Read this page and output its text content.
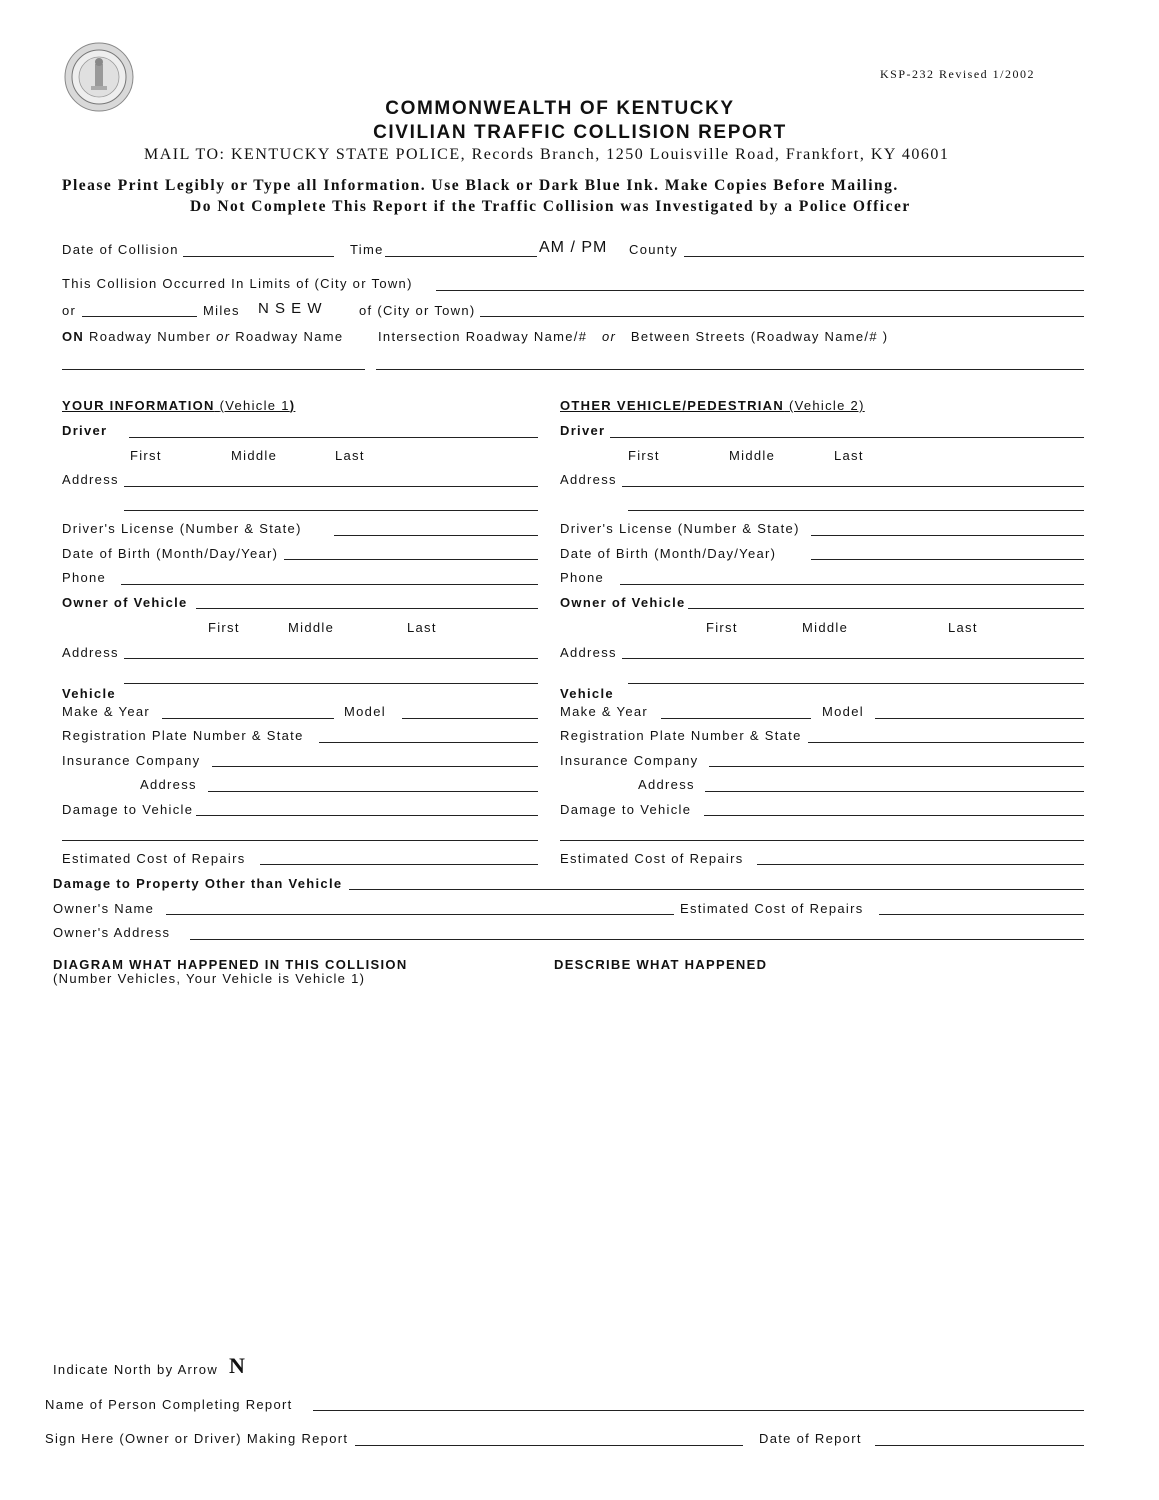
KSP-232 Revised 1/2002
COMMONWEALTH OF KENTUCKY
CIVILIAN TRAFFIC COLLISION REPORT
MAIL TO: KENTUCKY STATE POLICE, Records Branch, 1250 Louisville Road, Frankfort, KY 40601
Please Print Legibly or Type all Information. Use Black or Dark Blue Ink. Make Copies Before Mailing.
Do Not Complete This Report if the Traffic Collision was Investigated by a Police Officer
Date of Collision	Time	AM / PM County
This Collision Occurred In Limits of (City or Town)
or	Miles N S E W	of (City or Town)
ON Roadway Number or Roadway Name	Intersection Roadway Name/# or Between Streets (Roadway Name/# )
YOUR INFORMATION (Vehicle 1)
Driver
First	Middle	Last
Address
Driver's License (Number & State)
Date of Birth (Month/Day/Year)
Phone
Owner of Vehicle
First	Middle	Last
Address
Vehicle
Make & Year	Model
Registration Plate Number & State
Insurance Company
Address
Damage to Vehicle
Estimated Cost of Repairs
OTHER VEHICLE/PEDESTRIAN (Vehicle 2)
Driver
First	Middle	Last
Address
Driver's License (Number & State)
Date of Birth (Month/Day/Year)
Phone
Owner of Vehicle
First	Middle	Last
Address
Vehicle
Make & Year	Model
Registration Plate Number & State
Insurance Company
Address
Damage to Vehicle
Estimated Cost of Repairs
Damage to Property Other than Vehicle
Owner's Name	Estimated Cost of Repairs
Owner's Address
DIAGRAM WHAT HAPPENED IN THIS COLLISION
(Number Vehicles, Your Vehicle is Vehicle 1)
DESCRIBE WHAT HAPPENED
Indicate North by Arrow N
Name of Person Completing Report
Sign Here (Owner or Driver) Making Report	Date of Report
